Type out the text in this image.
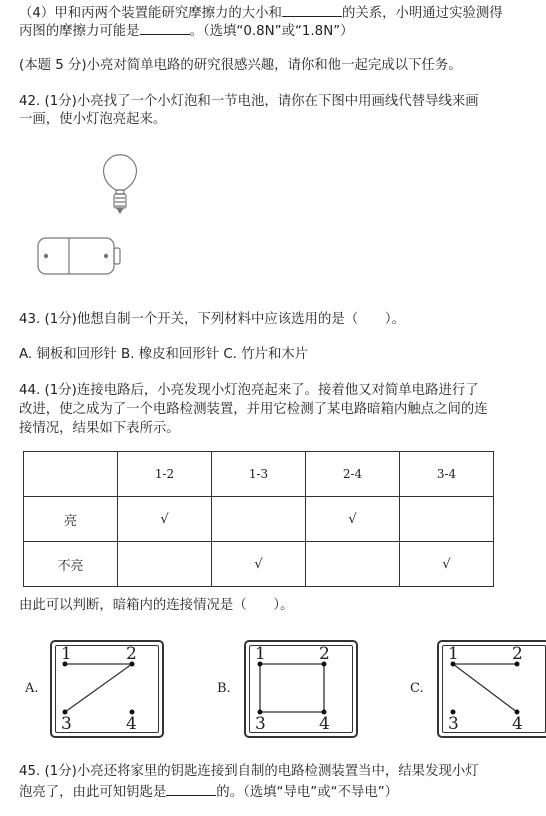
（4）甲和丙两个装置能研究摩擦力的大小和	的关系，小明通过实验测得
丙图的摩擦力可能是	。（选填“0.8N”或“1.8N”）
(本题 5 分)小亮对简单电路的研究很感兴趣，请你和他一起完成以下任务。
42. (1分)小亮找了一个小灯泡和一节电池，请你在下图中用画线代替导线来画
一画，使小灯泡亮起来。
43. (1分)他想自制一个开关，下列材料中应该选用的是（　　）。
A. 铜板和回形针 B. 橡皮和回形针 C. 竹片和木片
44. (1分)连接电路后，小亮发现小灯泡亮起来了。接着他又对简单电路进行了
改进，使之成为了一个电路检测装置，并用它检测了某电路暗箱内触点之间的连
接情况，结果如下表所示。
	1-2	1-3	2-4	3-4
亮	√		√	
不亮		√		√
由此可以判断，暗箱内的连接情况是（　　）。
A.
1	2
3	4
B.
1	2
3	4
C.
1	2
3	4
45. (1分)小亮还将家里的钥匙连接到自制的电路检测装置当中，结果发现小灯
泡亮了，由此可知钥匙是	的。（选填“导电”或“不导电”）
